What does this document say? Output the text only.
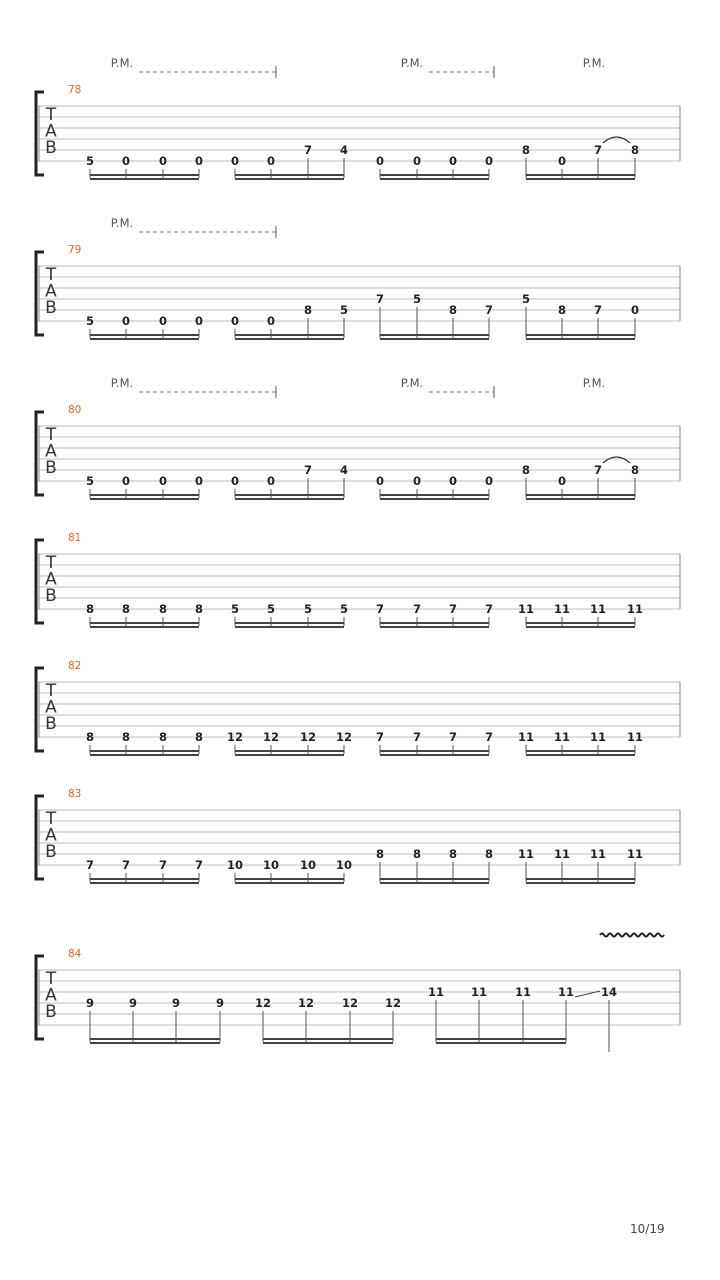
T
A
B
78
P.M.	P.M.	P.M.
5 0	0 0 0 0
7 4
0	0 0 0
8
0
7	8
T
A
B
79
P.M.
5 0	0 0 0 0
8 5
7	5
8 7
5
8 7	0
T
A
B
80
P.M.	P.M.	P.M.
5 0	0 0 0 0
7 4
0	0 0 0
8
0
7	8
T
A
B
81
8 8	8 8 5 5	5 5 7	7 7 7 11 11 11 11
T
A
B
82
8 8	8 8 12 12 12 12 7	7 7 7 11 11 11 11
T
A
B
83
7 7	7 7 10 10 10 10
8	8 8 8 11 11 11 11
T
A
B
84
9	9	9	9	12 12 12 12
11 11 11 11 14
10/19
